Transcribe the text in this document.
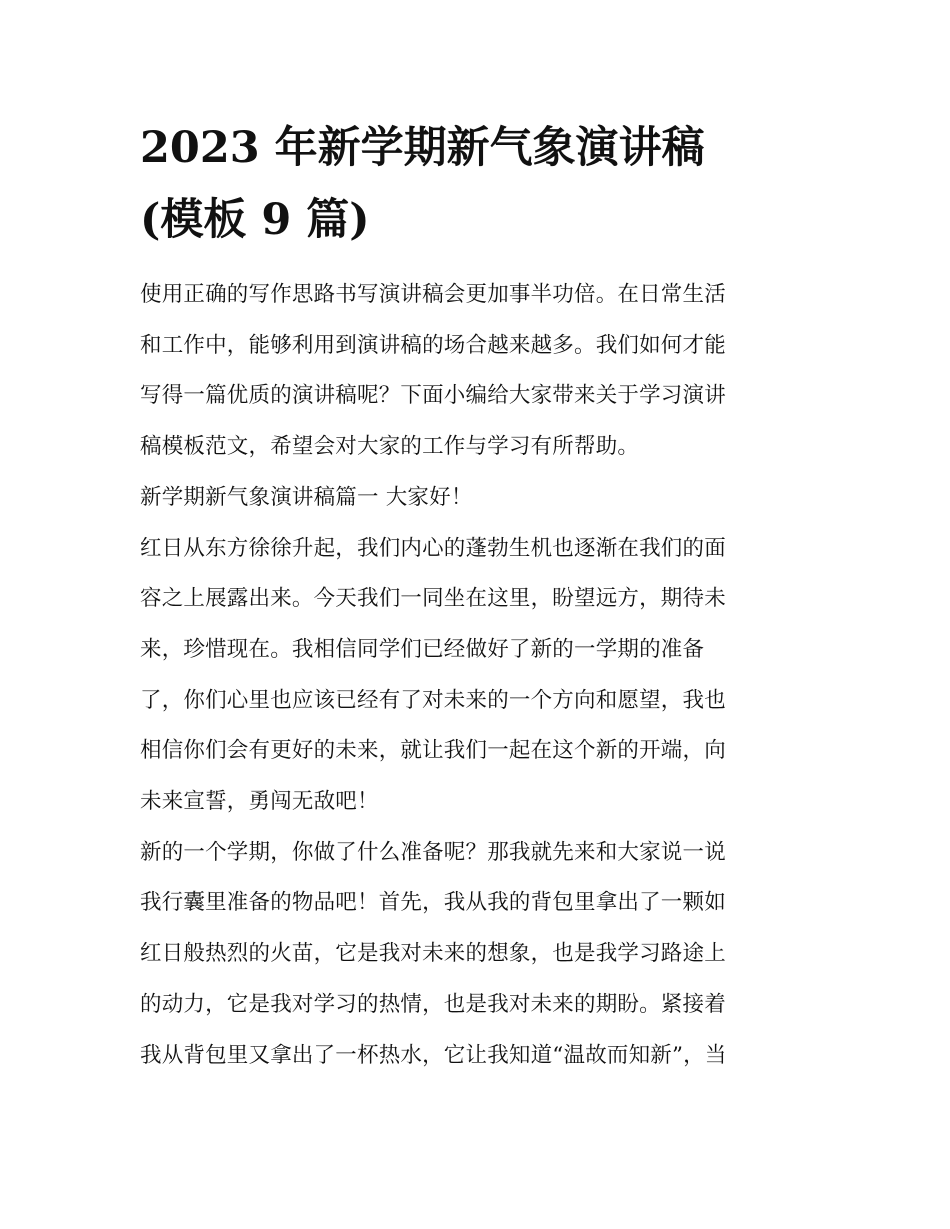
2023 年新学期新气象演讲稿
(模板 9 篇)

使用正确的写作思路书写演讲稿会更加事半功倍。在日常生活
和工作中，能够利用到演讲稿的场合越来越多。我们如何才能
写得一篇优质的演讲稿呢？下面小编给大家带来关于学习演讲
稿模板范文，希望会对大家的工作与学习有所帮助。

新学期新气象演讲稿篇一 大家好！

红日从东方徐徐升起，我们内心的蓬勃生机也逐渐在我们的面
容之上展露出来。今天我们一同坐在这里，盼望远方，期待未
来，珍惜现在。我相信同学们已经做好了新的一学期的准备
了，你们心里也应该已经有了对未来的一个方向和愿望，我也
相信你们会有更好的未来，就让我们一起在这个新的开端，向
未来宣誓，勇闯无敌吧！

新的一个学期，你做了什么准备呢？那我就先来和大家说一说
我行囊里准备的物品吧！首先，我从我的背包里拿出了一颗如
红日般热烈的火苗，它是我对未来的想象，也是我学习路途上
的动力，它是我对学习的热情，也是我对未来的期盼。紧接着
我从背包里又拿出了一杯热水，它让我知道“温故而知新”，当
